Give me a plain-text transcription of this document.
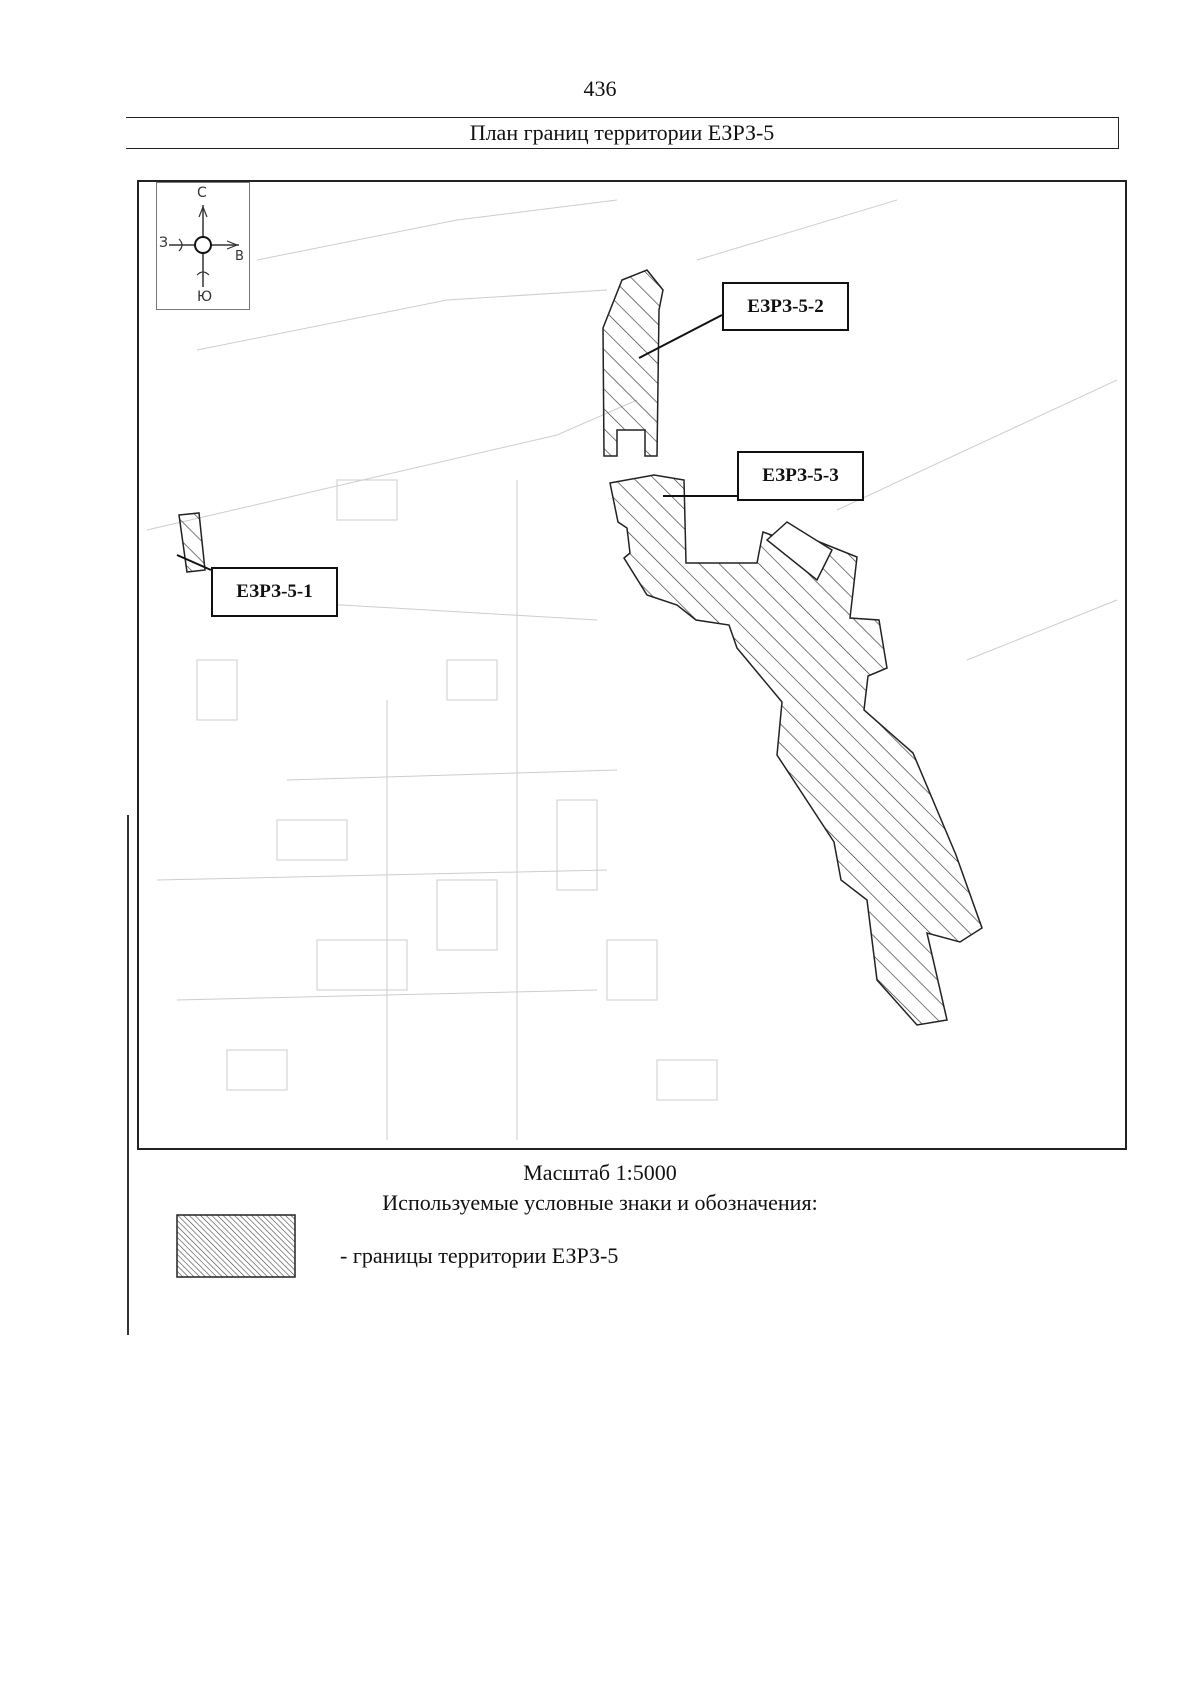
436
План границ территории ЕЗРЗ-5
С
З
В
Ю
ЕЗРЗ-5-1
ЕЗРЗ-5-2
ЕЗРЗ-5-3
Масштаб 1:5000
Используемые условные знаки и обозначения:
- границы территории ЕЗРЗ-5
